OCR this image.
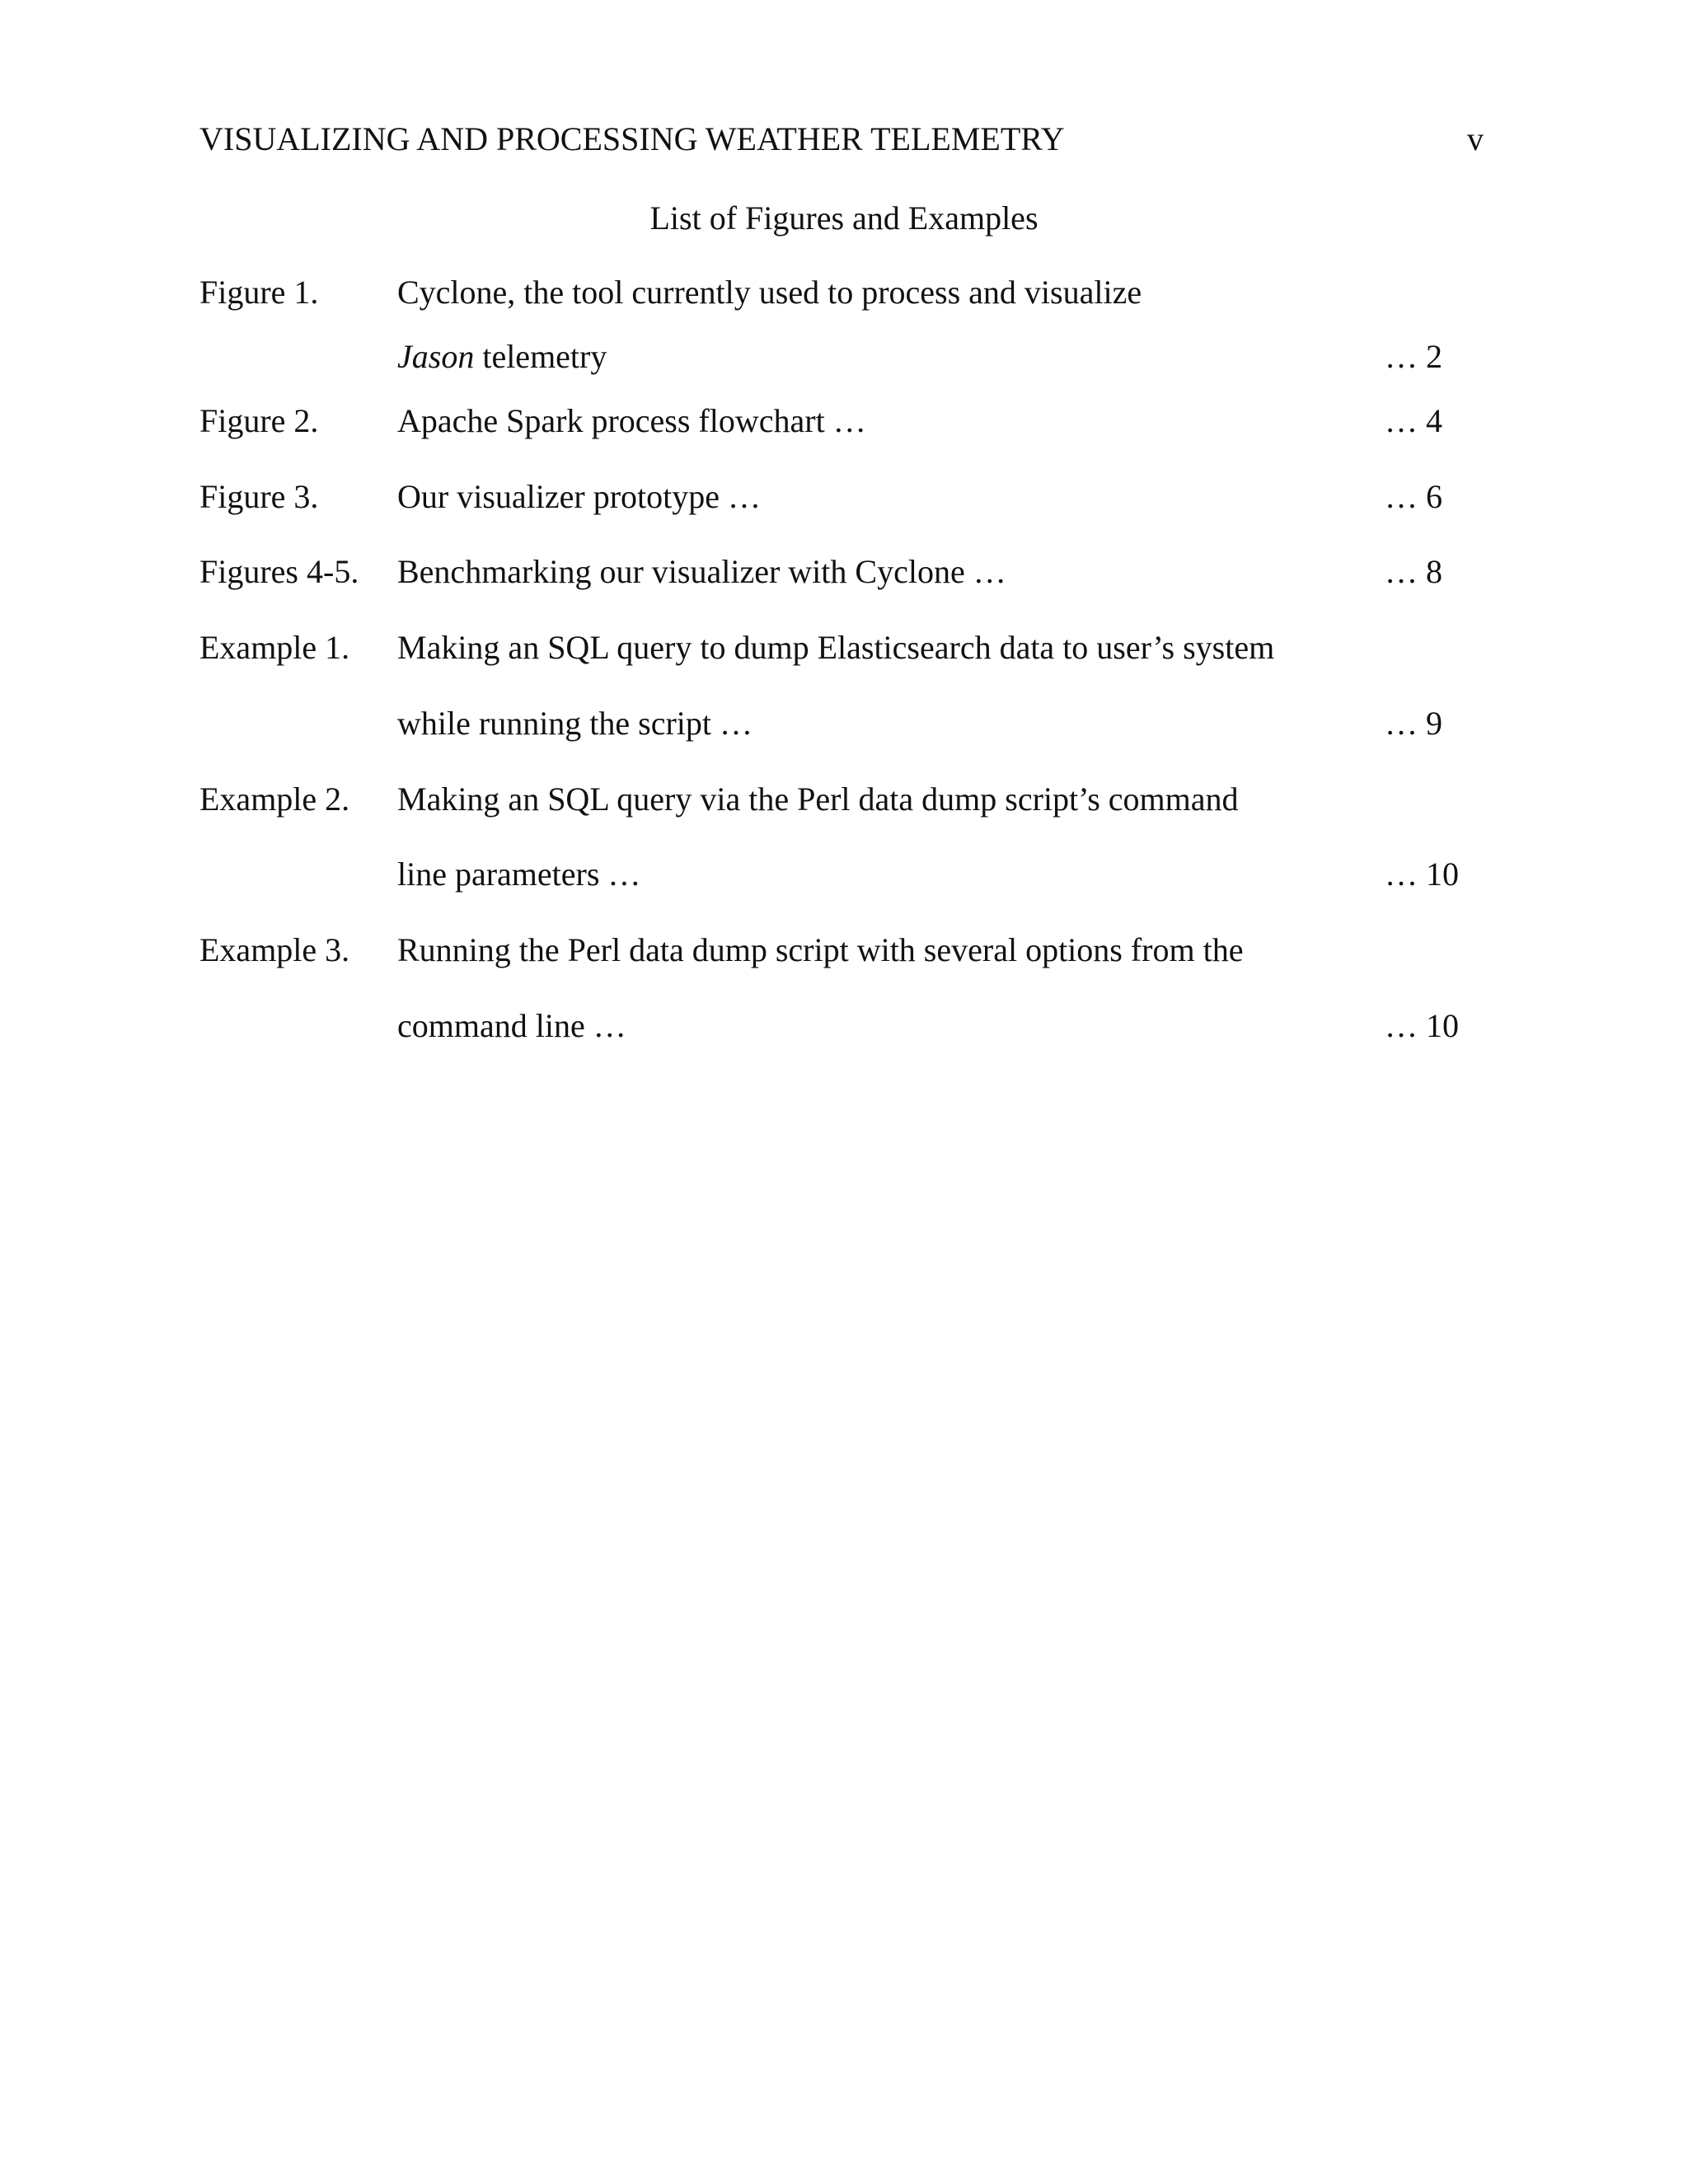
VISUALIZING AND PROCESSING WEATHER TELEMETRY	v
List of Figures and Examples
Figure 1. Cyclone, the tool currently used to process and visualize
Jason telemetry	… 2
Figure 2. Apache Spark process flowchart …	… 4
Figure 3. Our visualizer prototype …	… 6
Figures 4-5. Benchmarking our visualizer with Cyclone …	… 8
Example 1. Making an SQL query to dump Elasticsearch data to user’s system
while running the script …	… 9
Example 2. Making an SQL query via the Perl data dump script’s command
line parameters …	… 10
Example 3. Running the Perl data dump script with several options from the
command line …	… 10
